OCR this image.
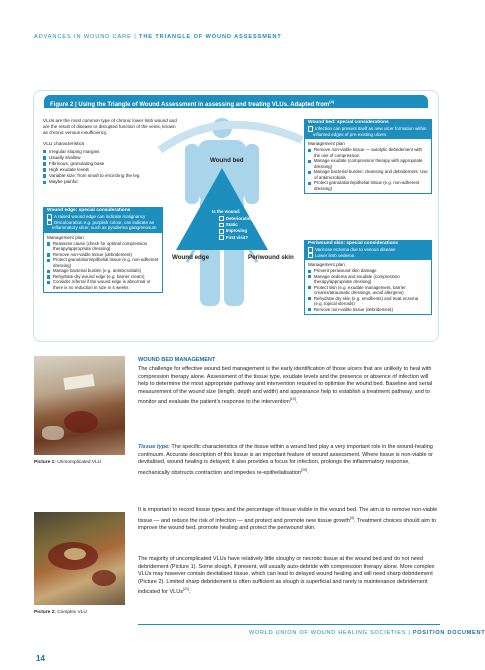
ADVANCES IN WOUND CARE | THE TRIANGLE OF WOUND ASSESSMENT
Figure 2 | Using the Triangle of Wound Assessment in assessing and treating VLUs. Adapted from$^{(4)}$
VLUs are the most common type of chronic lower limb wound and are the result of disease or disrupted function of the veins, known as chronic venous insufficiency.
VLU characteristics
Irregular sloping margins
Usually shallow
Fibrinous, granulating base
High exudate levels
Variable size: from small to encircling the leg
Maybe painful
Wound bed
Wound edge	Periwound skin
Is the wound:
Deteriorating
Static
Improving
First visit?
Wound edge: special considerations
A raised wound edge can indicate malignancy
Discolouration e.g. purplish colour, can indicate an inflammatory ulcer, such as pyoderma gangrenosum
Management plan
Reassess cause (check for optimal compression therapy/appropriate dressing)
Remove non-viable tissue (debridement)
Protect granulation/epithelial tissue (e.g. non-adherent dressing)
Manage bacterial burden (e.g. antimicrobials)
Rehydrate dry wound edge (e.g. barrier cream)
Consider referral if the wound edge is abnormal or there is no reduction in size in 4 weeks
Wound bed: special considerations
Infection can present itself as new ulcer formation within inflamed edges of pre-existing ulcers
Management plan
Remove non-viable tissue — autolytic debridement with the use of compression
Manage exudate (compression therapy with appropriate dressing)
Manage bacterial burden: cleansing and debridement. Use of antimicrobials
Protect granulation/epithelial tissue (e.g. non-adherent dressing)
Periwound skin: special considerations
Varicose eczema due to venous disease
Lower limb oedema
Management plan
Prevent periwound skin damage
Manage oedema and exudate (compression therapy/appropriate dressing)
Protect skin (e.g. exudate management, barrier creams/atraumatic dressings, avoid allergens)
Rehydrate dry skin (e.g. emollients) and treat eczema (e.g. topical steroids)
Remove non-viable tissue (debridement)
Picture 1: Unmomplicated VLU
Picture 2: Complex VLU
WOUND BED MANAGEMENT
The challenge for effective wound bed management is the early identification of those ulcers that are unlikely to heal with compression therapy alone. Assessment of the tissue type, exudate levels and the presence or absence of infection will help to determine the most appropriate pathway and intervention required to optimise the wound bed. Baseline and serial measurement of the wound size (length, depth and width) and appearance help to establish a treatment pathway, and to monitor and evaluate the patient's response to the intervention[19].
Tissue type: The specific characteristics of the tissue within a wound bed play a very important role in the wound-healing continuum. Accurate description of this tissue is an important feature of wound assessment. Where tissue is non-viable or devitalised, wound healing is delayed; it also provides a focus for infection, prolongs the inflammatory response, mechanically obstructs contraction and impedes re-epithelialisation[20].
It is important to record tissue types and the percentage of tissue visible in the wound bed. The aim is to remove non-viable tissue — and reduce the risk of infection — and protect and promote new tissue growth[4]. Treatment choices should aim to improve the wound bed, promote healing and protect the periwound skin.
The majority of uncomplicated VLUs have relatively little sloughy or necrotic tissue at the wound bed and do not need debridement (Picture 1). Some slough, if present, will usually auto-debride with compression therapy alone. More complex VLUs may however contain devitalised tissue, which can lead to delayed wound healing and will need sharp debridement (Picture 2). Limited sharp debridement is often sufficient as slough is superficial and rarely is maintenance debridement indicated for VLUs[21].
WORLD UNION OF WOUND HEALING SOCIETIES | POSITION DOCUMENT
14
